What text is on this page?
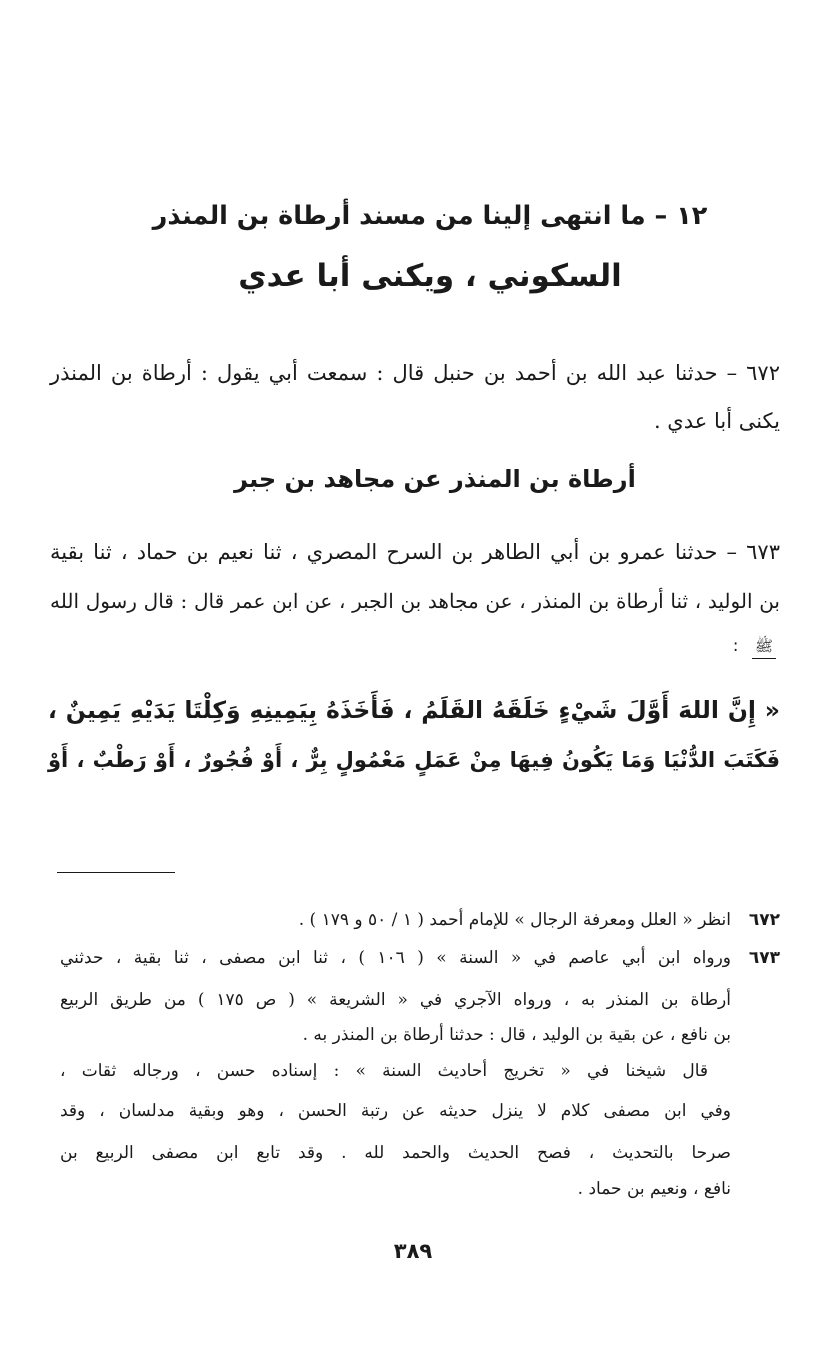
١٢ – ما انتهى إلينا من مسند أرطاة بن المنذر
السكوني ، ويكنى أبا عدي
٦٧٢ – حدثنا عبد الله بن أحمد بن حنبل قال : سمعت أبي يقول : أرطاة بن المنذر
يكنى أبا عدي .
أرطاة بن المنذر عن مجاهد بن جبر
٦٧٣ – حدثنا عمرو بن أبي الطاهر بن السرح المصري ، ثنا نعيم بن حماد ، ثنا بقية
بن الوليد ، ثنا أرطاة بن المنذر ، عن مجاهد بن الجبر ، عن ابن عمر قال : قال رسول الله
ﷺ :
« إِنَّ اللهَ أَوَّلَ شَيْءٍ خَلَقَهُ القَلَمُ ، فَأَخَذَهُ بِيَمِينِهِ وَكِلْتَا يَدَيْهِ يَمِينٌ ،
فَكَتَبَ الدُّنْيَا وَمَا يَكُونُ فِيهَا مِنْ عَمَلٍ مَعْمُولٍ بِرٌّ ، أَوْ فُجُورٌ ، أَوْ رَطْبٌ ، أَوْ
٦٧٢
انظر « العلل ومعرفة الرجال » للإمام أحمد ( ١ / ٥٠ و ١٧٩ ) .
٦٧٣
ورواه ابن أبي عاصم في « السنة » ( ١٠٦ ) ، ثنا ابن مصفى ، ثنا بقية ، حدثني
أرطاة بن المنذر به ، ورواه الآجري في « الشريعة » ( ص ١٧٥ ) من طريق الربيع
بن نافع ، عن بقية بن الوليد ، قال : حدثنا أرطاة بن المنذر به .
قال شيخنا في « تخريج أحاديث السنة » : إسناده حسن ، ورجاله ثقات ،
وفي ابن مصفى كلام لا ينزل حديثه عن رتبة الحسن ، وهو وبقية مدلسان ، وقد
صرحا بالتحديث ، فصح الحديث والحمد لله . وقد تابع ابن مصفى الربيع بن
نافع ، ونعيم بن حماد .
٣٨٩
